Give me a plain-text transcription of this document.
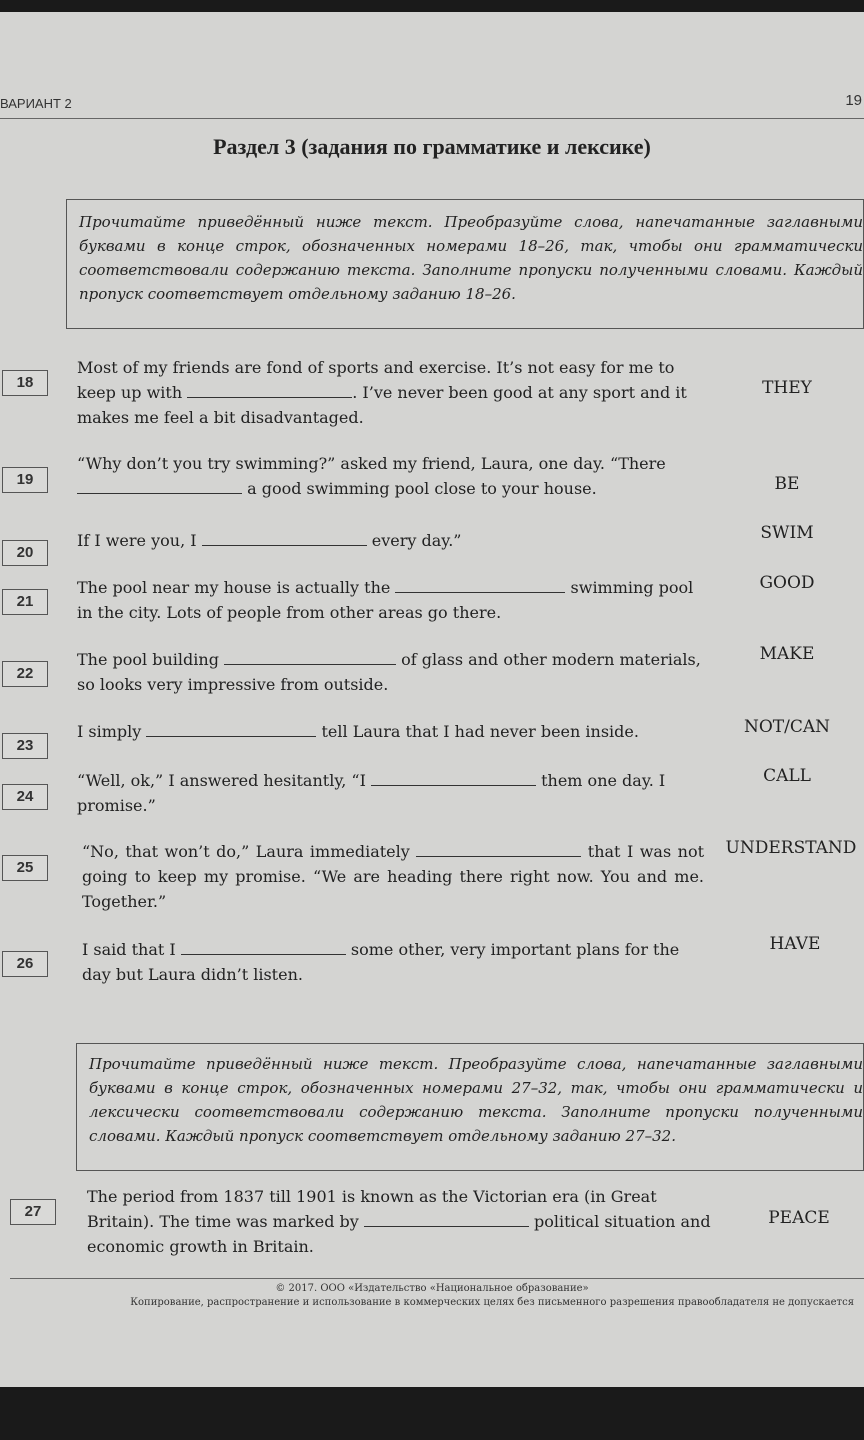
ВАРИАНТ 2	19
Раздел 3 (задания по грамматике и лексике)
Прочитайте приведённый ниже текст. Преобразуйте слова, напечатанные заглавными буквами в конце строк, обозначенных номерами 18–26, так, чтобы они грамматически соответствовали содержанию текста. Заполните пропуски полученными словами. Каждый пропуск соответствует отдельному заданию 18–26.
18
Most of my friends are fond of sports and exercise. It’s not easy for me to keep up with	. I’ve never been good at any sport and it makes me feel a bit disadvantaged.
THEY
19
“Why don’t you try swimming?” asked my friend, Laura, one day. “There  a good swimming pool close to your house.	BE
20
If I were you, I	every day.”	SWIM
21
The pool near my house is actually the	swimming pool in the city. Lots of people from other areas go there.
GOOD
22
The pool building	of glass and other modern materials, so looks very impressive from outside.
MAKE
23
I simply	tell Laura that I had never been inside.	NOT/CAN
24
“Well, ok,” I answered hesitantly, “I	them one day. I promise.”
CALL
25
“No, that won’t do,” Laura immediately	that I was not going to keep my promise. “We are heading there right now. You and me. Together.”
UNDERSTAND
26
I said that I	some other, very important plans for the day but Laura didn’t listen.
HAVE
Прочитайте приведённый ниже текст. Преобразуйте слова, напечатанные заглавными буквами в конце строк, обозначенных номерами 27–32, так, чтобы они грамматически и лексически соответствовали содержанию текста. Заполните пропуски полученными словами. Каждый пропуск соответствует отдельному заданию 27–32.
27
The period from 1837 till 1901 is known as the Victorian era (in Great Britain). The time was marked by	political situation and economic growth in Britain.
PEACE
© 2017. ООО «Издательство «Национальное образование»
Копирование, распространение и использование в коммерческих целях без письменного разрешения правообладателя не допускается
